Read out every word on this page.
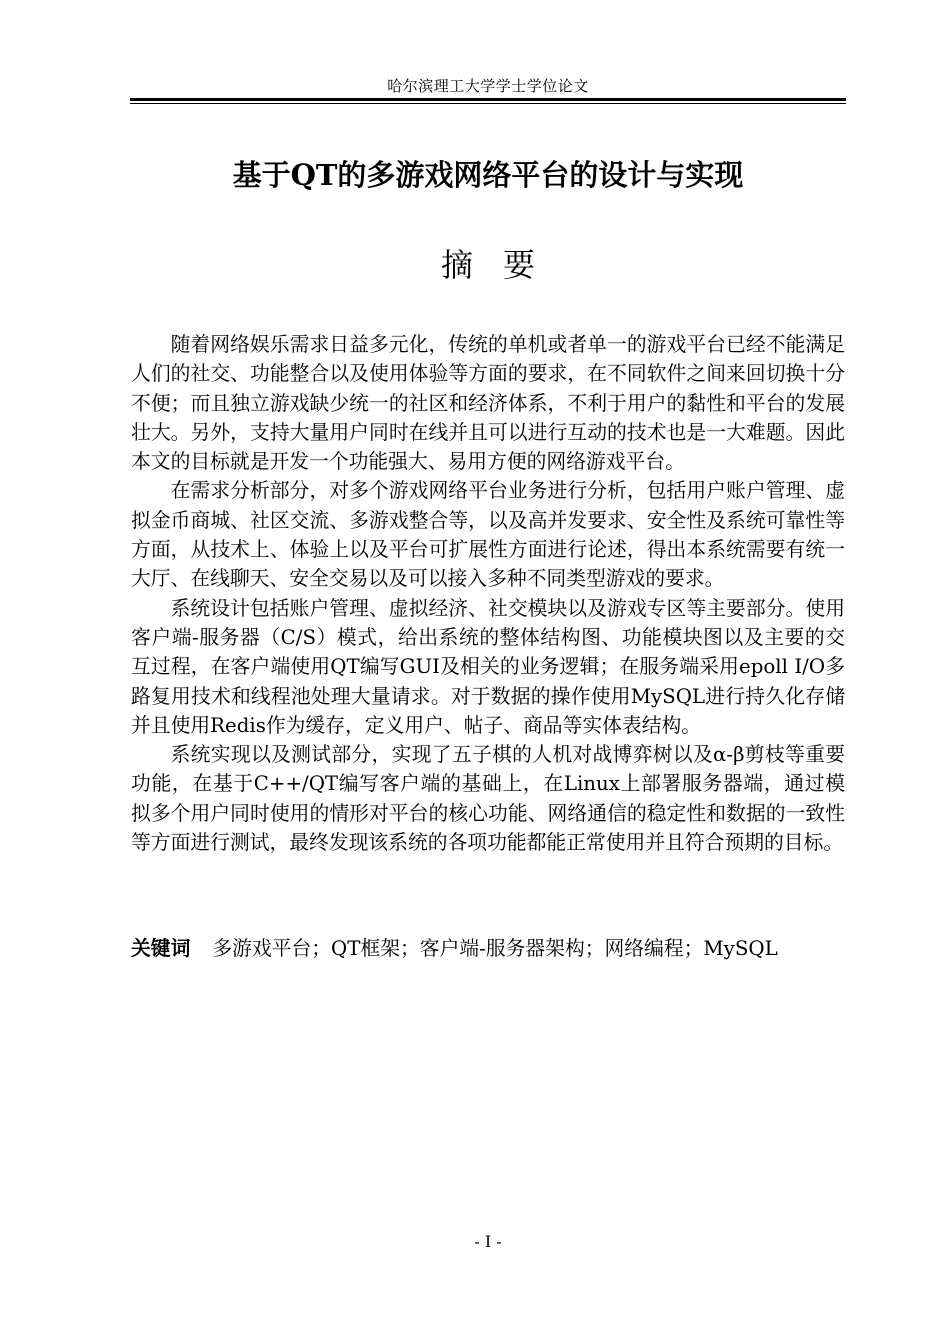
哈尔滨理工大学学士学位论文
基于QT的多游戏网络平台的设计与实现
摘要

随着网络娱乐需求日益多元化，传统的单机或者单一的游戏平台已经不能满足人们的社交、功能整合以及使用体验等方面的要求，在不同软件之间来回切换十分不便；而且独立游戏缺少统一的社区和经济体系，不利于用户的黏性和平台的发展壮大。另外，支持大量用户同时在线并且可以进行互动的技术也是一大难题。因此本文的目标就是开发一个功能强大、易用方便的网络游戏平台。

在需求分析部分，对多个游戏网络平台业务进行分析，包括用户账户管理、虚拟金币商城、社区交流、多游戏整合等，以及高并发要求、安全性及系统可靠性等方面，从技术上、体验上以及平台可扩展性方面进行论述，得出本系统需要有统一大厅、在线聊天、安全交易以及可以接入多种不同类型游戏的要求。

系统设计包括账户管理、虚拟经济、社交模块以及游戏专区等主要部分。使用客户端-服务器（C/S）模式，给出系统的整体结构图、功能模块图以及主要的交互过程，在客户端使用QT编写GUI及相关的业务逻辑；在服务端采用epoll I/O多路复用技术和线程池处理大量请求。对于数据的操作使用MySQL进行持久化存储并且使用Redis作为缓存，定义用户、帖子、商品等实体表结构。

系统实现以及测试部分，实现了五子棋的人机对战博弈树以及α-β剪枝等重要功能，在基于C++/QT编写客户端的基础上，在Linux上部署服务器端，通过模拟多个用户同时使用的情形对平台的核心功能、网络通信的稳定性和数据的一致性等方面进行测试，最终发现该系统的各项功能都能正常使用并且符合预期的目标。

关键词 多游戏平台；QT框架；客户端-服务器架构；网络编程；MySQL
- I -
